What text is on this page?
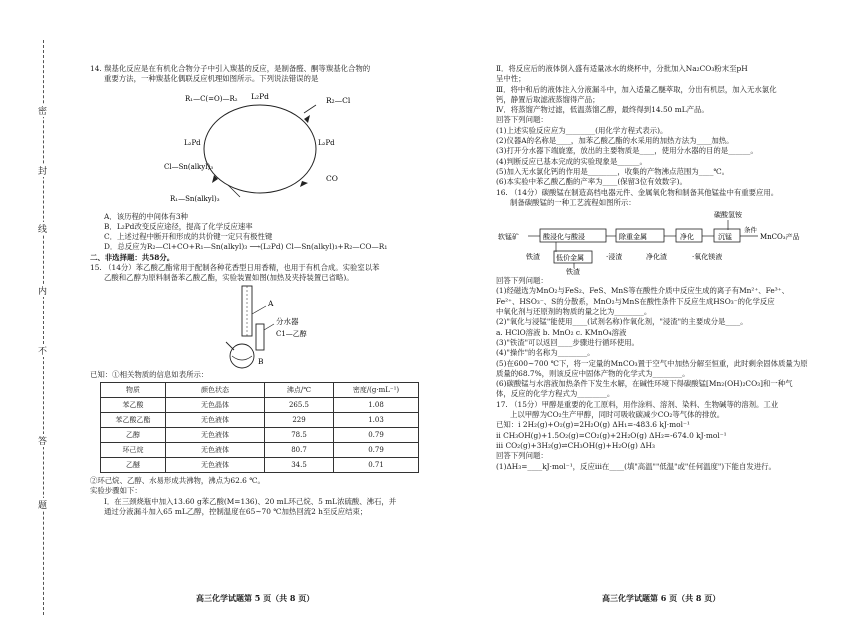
密
封
线
内
不
答
题

14. 羰基化反应是在有机化合物分子中引入羰基的反应，是制备醛、酮等羰基化合物的

重要方法，一种羰基化偶联反应机理如图所示。下列说法错误的是

L₂Pd	R₂—Cl
R₁—C(=O)—R₂
L₂Pd	L₂Pd
CO
Cl—Sn(alkyl)₃
R₁—Sn(alkyl)₃

A．该历程的中间体有3种

B．L₂Pd改变反应途径，提高了化学反应速率

C．上述过程中断开和形成的共价键一定只有极性键

D．总反应为R₂—Cl+CO+R₁—Sn(alkyl)₃ ⟶(L₂Pd) Cl—Sn(alkyl)₃+R₂—CO—R₁

二、非选择题：共58分。

15. （14分）苯乙酸乙酯常用于配制各种花香型日用香精，也用于有机合成。实验室以苯

乙酸和乙醇为原料制备苯乙酸乙酯，实验装置如图(加热及夹持装置已省略)。

A
分水器
C1—乙醇
B

已知：①相关物质的信息如表所示：

物质	颜色状态	沸点/℃	密度/(g·mL⁻¹)
苯乙酸	无色晶体	265.5	1.08
苯乙酸乙酯	无色液体	229	1.03
乙醇	无色液体	78.5	0.79
环己烷	无色液体	80.7	0.79
乙醚	无色液体	34.5	0.71

②环己烷、乙醇、水易形成共沸物，沸点为62.6 ℃。

实验步骤如下：

Ⅰ．在三颈烧瓶中加入13.60 g苯乙酸(M=136)、20 mL环己烷、5 mL浓硫酸、沸石，并

通过分液漏斗加入65 mL乙醇，控制温度在65~70 ℃加热回流2 h至反应结束；

高三化学试题第 5 页（共 8 页）

Ⅱ．将反应后的液体倒入盛有适量冰水的烧杯中，分批加入Na₂CO₃粉末至pH

呈中性；

Ⅲ．将中和后的液体注入分液漏斗中，加入适量乙醚萃取，分出有机层，加入无水氯化

钙，静置后取滤液蒸馏得产品；

Ⅳ．将蒸馏产物过滤，低温蒸馏乙醇，最终得到14.50 mL产品。

回答下列问题：

(1)上述实验反应应为________(用化学方程式表示)。

(2)仪器A的名称是____，加苯乙酸乙酯的水采用的加热方法为____加热。

(3)打开分水器下端旋塞，放出的主要物质是____，使用分水器的目的是______。

(4)判断反应已基本完成的实验现象是______。

(5)加入无水氯化钙的作用是________，收集的产物沸点范围为____℃。

(6)本实验中苯乙酸乙酯的产率为____(保留3位有效数字)。

16. （14分）碳酸锰在制造高档电器元件、金属氧化物和制备其他锰盐中有重要应用。

制备碳酸锰的一种工艺流程如图所示：

碳酸氢铵
软锰矿	酸浸化与酸浸	除重金属	净化	沉锰
条件
MnCO₃产品
铁渣 低价金属	·浸渣	净化渣	·氧化镁液
铁渣

回答下列问题：

(1)经磁选为MnO₂与FeS₂、FeS、MnS等在酸性介质中反应生成的离子有Mn²⁺、Fe³⁺、

Fe²⁺、HSO₃⁻、S的分散系，MnO₂与MnS在酸性条件下反应生成HSO₃⁻的化学反应

中氧化剂与还原剂的物质的量之比为________。

(2)"氧化与浸锰"能使用____(试剂名称)作氧化剂，"浸渣"的主要成分是____。

a. HClO溶液 b. MnO₂ c. KMnO₄溶液

(3)"铁渣"可以返回____步骤进行循环使用。

(4)"操作"的名称为________。

(5)在600~700 ℃下，将一定量的MnCO₃置于空气中加热分解至恒重，此时剩余固体质量为原

质量的68.7%，则该反应中固体产物的化学式为________。

(6)碳酸锰与水溶液加热条件下发生水解，在碱性环境下得碳酸锰[Mn₂(OH)₂CO₃]和一种气

体，反应的化学方程式为________。

17. （15分）甲醇是重要的化工原料，用作涂料、溶剂、染料、生物碱等的溶剂。工业

上以甲醇为CO₂生产甲醇，同时可吸收碳减少CO₂等气体的排放。

已知：ⅰ 2H₂(g)+O₂(g)=2H₂O(g) ΔH₁=-483.6 kJ·mol⁻¹

ⅱ CH₃OH(g)+1.5O₂(g)=CO₂(g)+2H₂O(g) ΔH₂=-674.0 kJ·mol⁻¹

ⅲ CO₂(g)+3H₂(g)⇌CH₃OH(g)+H₂O(g) ΔH₃

回答下列问题：

(1)ΔH₃=____kJ·mol⁻¹，反应ⅲ在____(填"高温""低温"或"任何温度")下能自发进行。

高三化学试题第 6 页（共 8 页）
